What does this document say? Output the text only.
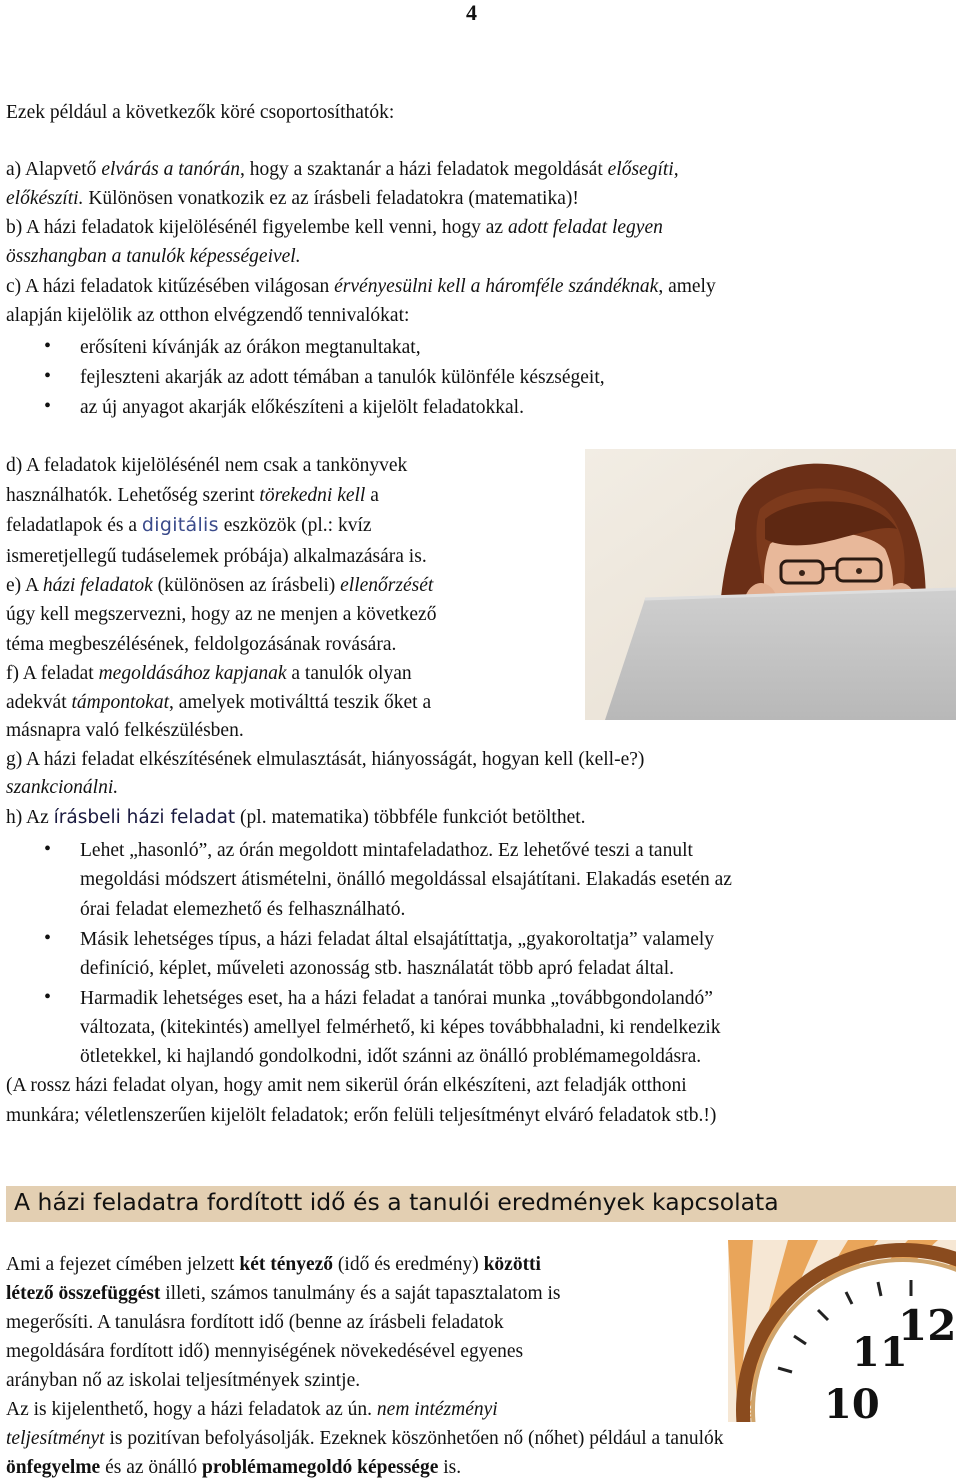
4
Ezek például a következők köré csoportosíthatók:
a) Alapvető elvárás a tanórán, hogy a szaktanár a házi feladatok megoldását elősegíti,
előkészíti. Különösen vonatkozik ez az írásbeli feladatokra (matematika)!
b) A házi feladatok kijelölésénél figyelembe kell venni, hogy az adott feladat legyen
összhangban a tanulók képességeivel.
c) A házi feladatok kitűzésében világosan érvényesülni kell a háromféle szándéknak, amely
alapján kijelölik az otthon elvégzendő tennivalókat:
• erősíteni kívánják az órákon megtanultakat,
• fejleszteni akarják az adott témában a tanulók különféle készségeit,
• az új anyagot akarják előkészíteni a kijelölt feladatokkal.
d) A feladatok kijelölésénél nem csak a tankönyvek
használhatók. Lehetőség szerint törekedni kell a
feladatlapok és a digitális eszközök (pl.: kvíz
ismeretjellegű tudáselemek próbája) alkalmazására is.
e) A házi feladatok (különösen az írásbeli) ellenőrzését
úgy kell megszervezni, hogy az ne menjen a következő
téma megbeszélésének, feldolgozásának rovására.
f) A feladat megoldásához kapjanak a tanulók olyan
adekvát támpontokat, amelyek motiválttá teszik őket a
másnapra való felkészülésben.
g) A házi feladat elkészítésének elmulasztását, hiányosságát, hogyan kell (kell-e?)
szankcionálni.
h) Az írásbeli házi feladat (pl. matematika) többféle funkciót betölthet.
• Lehet „hasonló”, az órán megoldott mintafeladathoz. Ez lehetővé teszi a tanult
megoldási módszert átismételni, önálló megoldással elsajátítani. Elakadás esetén az
órai feladat elemezhető és felhasználható.
• Másik lehetséges típus, a házi feladat által elsajátíttatja, „gyakoroltatja” valamely
definíció, képlet, műveleti azonosság stb. használatát több apró feladat által.
• Harmadik lehetséges eset, ha a házi feladat a tanórai munka „továbbgondolandó”
változata, (kitekintés) amellyel felmérhető, ki képes továbbhaladni, ki rendelkezik
ötletekkel, ki hajlandó gondolkodni, időt szánni az önálló problémamegoldásra.
(A rossz házi feladat olyan, hogy amit nem sikerül órán elkészíteni, azt feladják otthoni
munkára; véletlenszerűen kijelölt feladatok; erőn felüli teljesítményt elváró feladatok stb.!)
A házi feladatra fordított idő és a tanulói eredmények kapcsolata
Ami a fejezet címében jelzett két tényező (idő és eredmény) közötti
létező összefüggést illeti, számos tanulmány és a saját tapasztalatom is
megerősíti. A tanulásra fordított idő (benne az írásbeli feladatok
megoldására fordított idő) mennyiségének növekedésével egyenes
arányban nő az iskolai teljesítmények szintje.
Az is kijelenthető, hogy a házi feladatok az ún. nem intézményi
teljesítményt is pozitívan befolyásolják. Ezeknek köszönhetően nő (nőhet) például a tanulók
önfegyelme és az önálló problémamegoldó képessége is.
12
11
10
